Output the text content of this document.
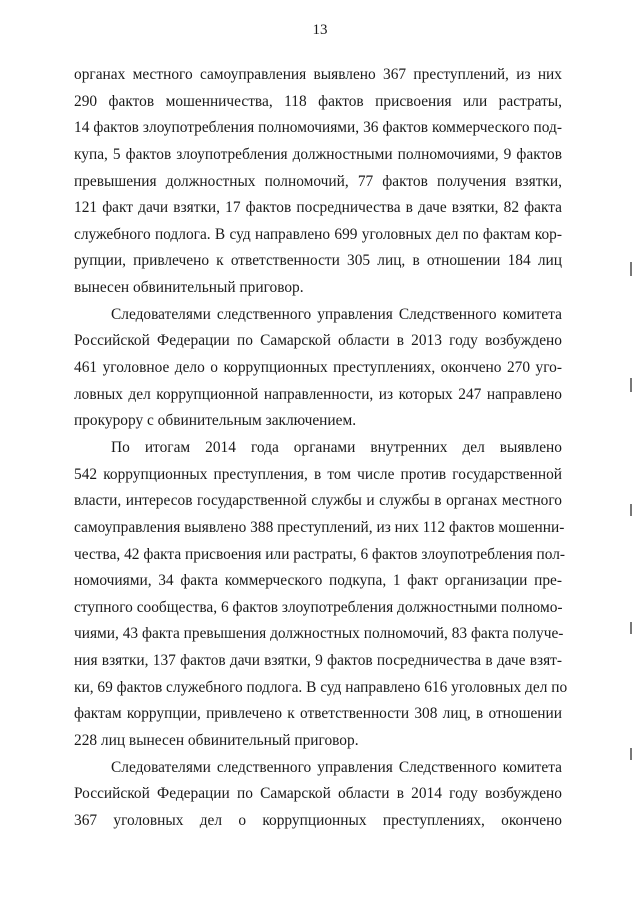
13
органах местного самоуправления выявлено 367 преступлений, из них
290 фактов мошенничества, 118 фактов присвоения или растраты,
14 фактов злоупотребления полномочиями, 36 фактов коммерческого под-
купа, 5 фактов злоупотребления должностными полномочиями, 9 фактов
превышения должностных полномочий, 77 фактов получения взятки,
121 факт дачи взятки, 17 фактов посредничества в даче взятки, 82 факта
служебного подлога. В суд направлено 699 уголовных дел по фактам кор-
рупции, привлечено к ответственности 305 лиц, в отношении 184 лиц
вынесен обвинительный приговор.
Следователями следственного управления Следственного комитета
Российской Федерации по Самарской области в 2013 году возбуждено
461 уголовное дело о коррупционных преступлениях, окончено 270 уго-
ловных дел коррупционной направленности, из которых 247 направлено
прокурору с обвинительным заключением.
По итогам 2014 года органами внутренних дел выявлено
542 коррупционных преступления, в том числе против государственной
власти, интересов государственной службы и службы в органах местного
самоуправления выявлено 388 преступлений, из них 112 фактов мошенни-
чества, 42 факта присвоения или растраты, 6 фактов злоупотребления пол-
номочиями, 34 факта коммерческого подкупа, 1 факт организации пре-
ступного сообщества, 6 фактов злоупотребления должностными полномо-
чиями, 43 факта превышения должностных полномочий, 83 факта получе-
ния взятки, 137 фактов дачи взятки, 9 фактов посредничества в даче взят-
ки, 69 фактов служебного подлога. В суд направлено 616 уголовных дел по
фактам коррупции, привлечено к ответственности 308 лиц, в отношении
228 лиц вынесен обвинительный приговор.
Следователями следственного управления Следственного комитета
Российской Федерации по Самарской области в 2014 году возбуждено
367 уголовных дел о коррупционных преступлениях, окончено
